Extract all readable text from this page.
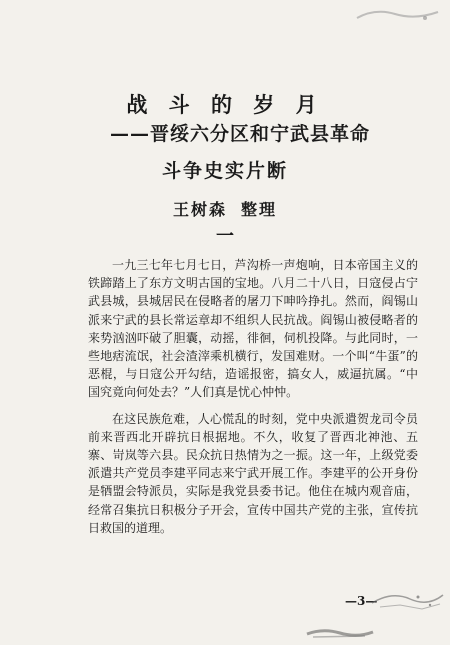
战 斗 的 岁 月
——晋绥六分区和宁武县革命
斗争史实片断
王树森 整理
一

一九三七年七月七日，芦沟桥一声炮响，日本帝国主义的铁蹄踏上了东方文明古国的宝地。八月二十八日，日寇侵占宁武县城，县城居民在侵略者的屠刀下呻吟挣扎。然而，阎锡山派来宁武的县长常运章却不组织人民抗战。阎锡山被侵略者的来势汹汹吓破了胆囊，动摇，徘徊，伺机投降。与此同时，一些地痞流氓，社会渣滓乘机横行，发国难财。一个叫“牛蛋”的恶棍，与日寇公开勾结，造谣报密，搞女人，威逼抗属。“中国究竟向何处去？”人们真是忧心忡忡。

在这民族危难，人心慌乱的时刻，党中央派遣贺龙司令员前来晋西北开辟抗日根据地。不久，收复了晋西北神池、五寨、岢岚等六县。民众抗日热情为之一振。这一年，上级党委派遣共产党员李建平同志来宁武开展工作。李建平的公开身份是牺盟会特派员，实际是我党县委书记。他住在城内观音庙，经常召集抗日积极分子开会，宣传中国共产党的主张，宣传抗日救国的道理。

—3—
